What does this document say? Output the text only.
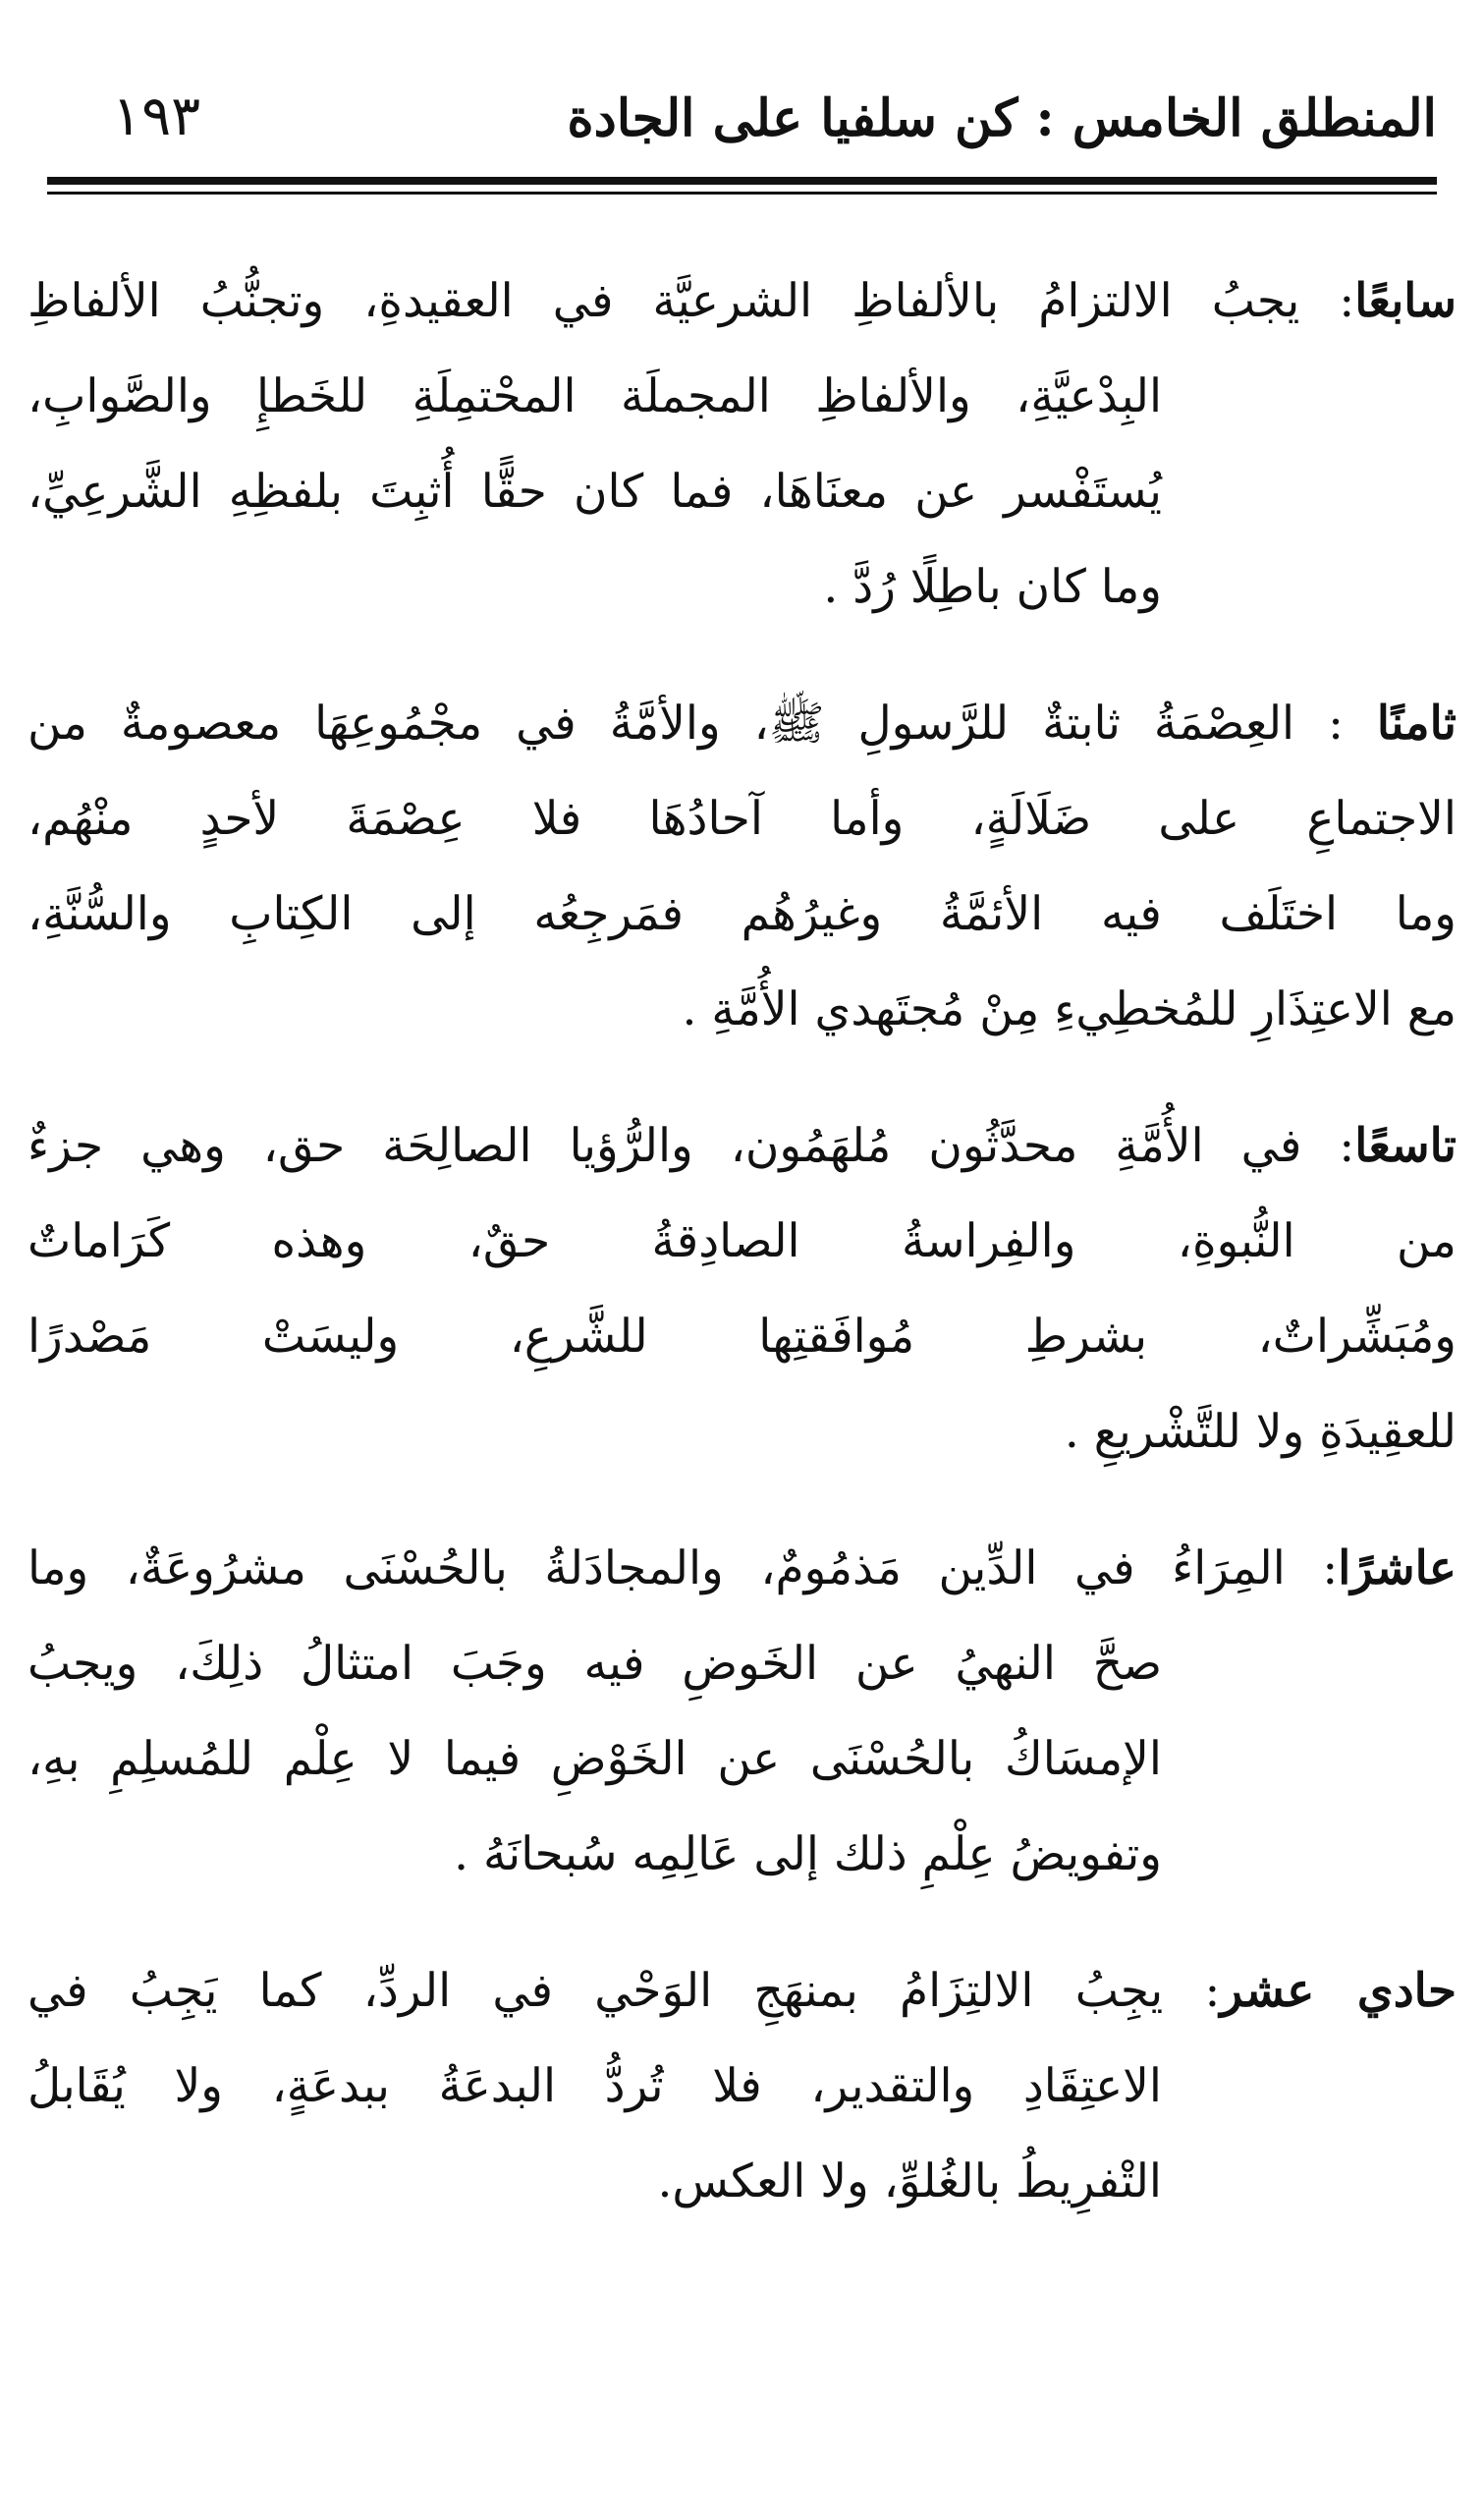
المنطلق الخامس : كن سلفيا على الجادة
١٩٣
سابعًا: يجبُ الالتزامُ بالألفاظِ الشرعيَّة في العقيدةِ، وتجنُّبُ الألفاظِ
البِدْعيَّةِ، والألفاظِ المجملَة المحْتمِلَةِ للخَطإِ والصَّوابِ،
يُستَفْسر عن معنَاهَا، فما كان حقًّا أُثبِتَ بلفظِهِ الشَّرعِيِّ،
وما كان باطِلًا رُدَّ .
ثامنًا : العِصْمَةُ ثابتةٌ للرَّسولِ ﷺ، والأمَّةُ في مجْمُوعِهَا معصومةٌ من
الاجتماعِ على ضَلَالَةٍ، وأما آحادُهَا فلا عِصْمَةَ لأحدٍ منْهُم،
وما اختَلَف فيه الأئمَّةُ وغيرُهُم فمَرجِعُه إلى الكِتابِ والسُّنَّةِ،
مع الاعتِذَارِ للمُخطِيءِ مِنْ مُجتَهدي الأُمَّةِ .
تاسعًا: في الأُمَّةِ محدَّثُون مُلهَمُون، والرُّؤيا الصالِحَة حق، وهي جزءٌ
من النُّبوةِ، والفِراسةُ الصادِقةُ حقٌ، وهذه كَرَاماتٌ
ومُبَشِّراتٌ، بشرطِ مُوافَقتِها للشَّرعِ، وليسَتْ مَصْدرًا
للعقِيدَةِ ولا للتَّشْريعِ .
عاشرًا: المِرَاءُ في الدِّين مَذمُومٌ، والمجادَلةُ بالحُسْنَى مشرُوعَةٌ، وما
صحَّ النهيُ عن الخَوضِ فيه وجَبَ امتثالُ ذلِكَ، ويجبُ
الإمسَاكُ بالحُسْنَى عن الخَوْضِ فيما لا عِلْم للمُسلِمِ بهِ،
وتفويضُ عِلْمِ ذلك إلى عَالِمِه سُبحانَهُ .
حادي عشر: يجِبُ الالتِزَامُ بمنهَجِ الوَحْي في الردِّ، كما يَجِبُ في
الاعتِقَادِ والتقدير، فلا تُردُّ البدعَةُ ببدعَةٍ، ولا يُقَابلُ
التْفرِيطُ بالغُلوِّ، ولا العكس.
